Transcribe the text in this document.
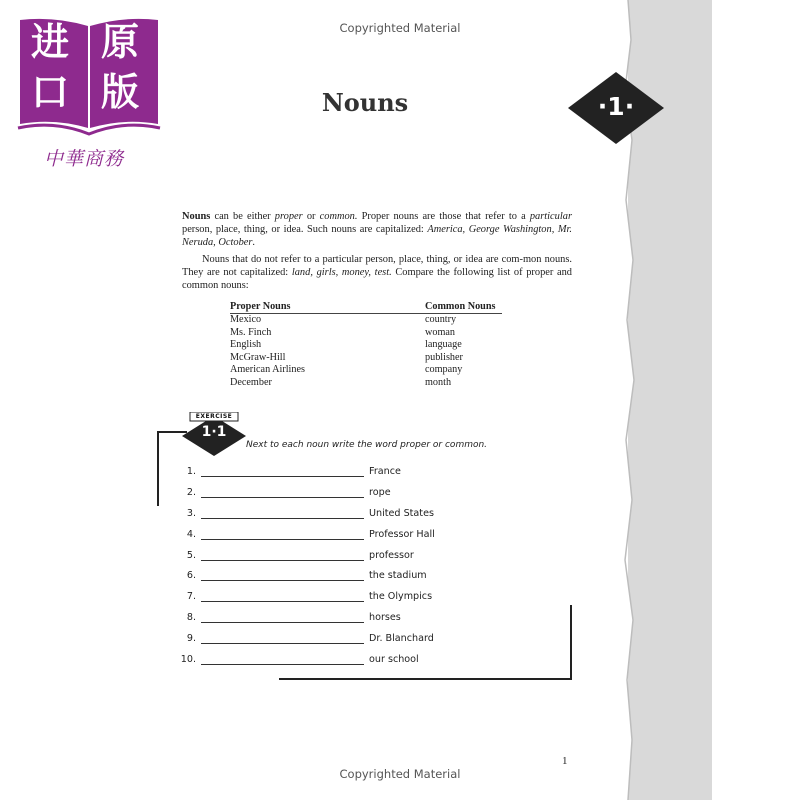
进 原
口 版
中華商務
Copyrighted Material
Nouns	·1·
Nouns can be either proper or common. Proper nouns are those that refer to a particular person, place, thing, or idea. Such nouns are capitalized: America, George Washington, Mr. Neruda, October.
Nouns that do not refer to a particular person, place, thing, or idea are com-mon nouns. They are not capitalized: land, girls, money, test. Compare the following list of proper and common nouns:
Proper Nouns	Common Nouns
Mexico	country
Ms. Finch	woman
English	language
McGraw-Hill	publisher
American Airlines	company
December	month
EXERCISE
1·1
Next to each noun write the word proper or common.
1.	France
2.	rope
3.	United States
4.	Professor Hall
5.	professor
6.	the stadium
7.	the Olympics
8.	horses
9.	Dr. Blanchard
10.	our school
1
Copyrighted Material
